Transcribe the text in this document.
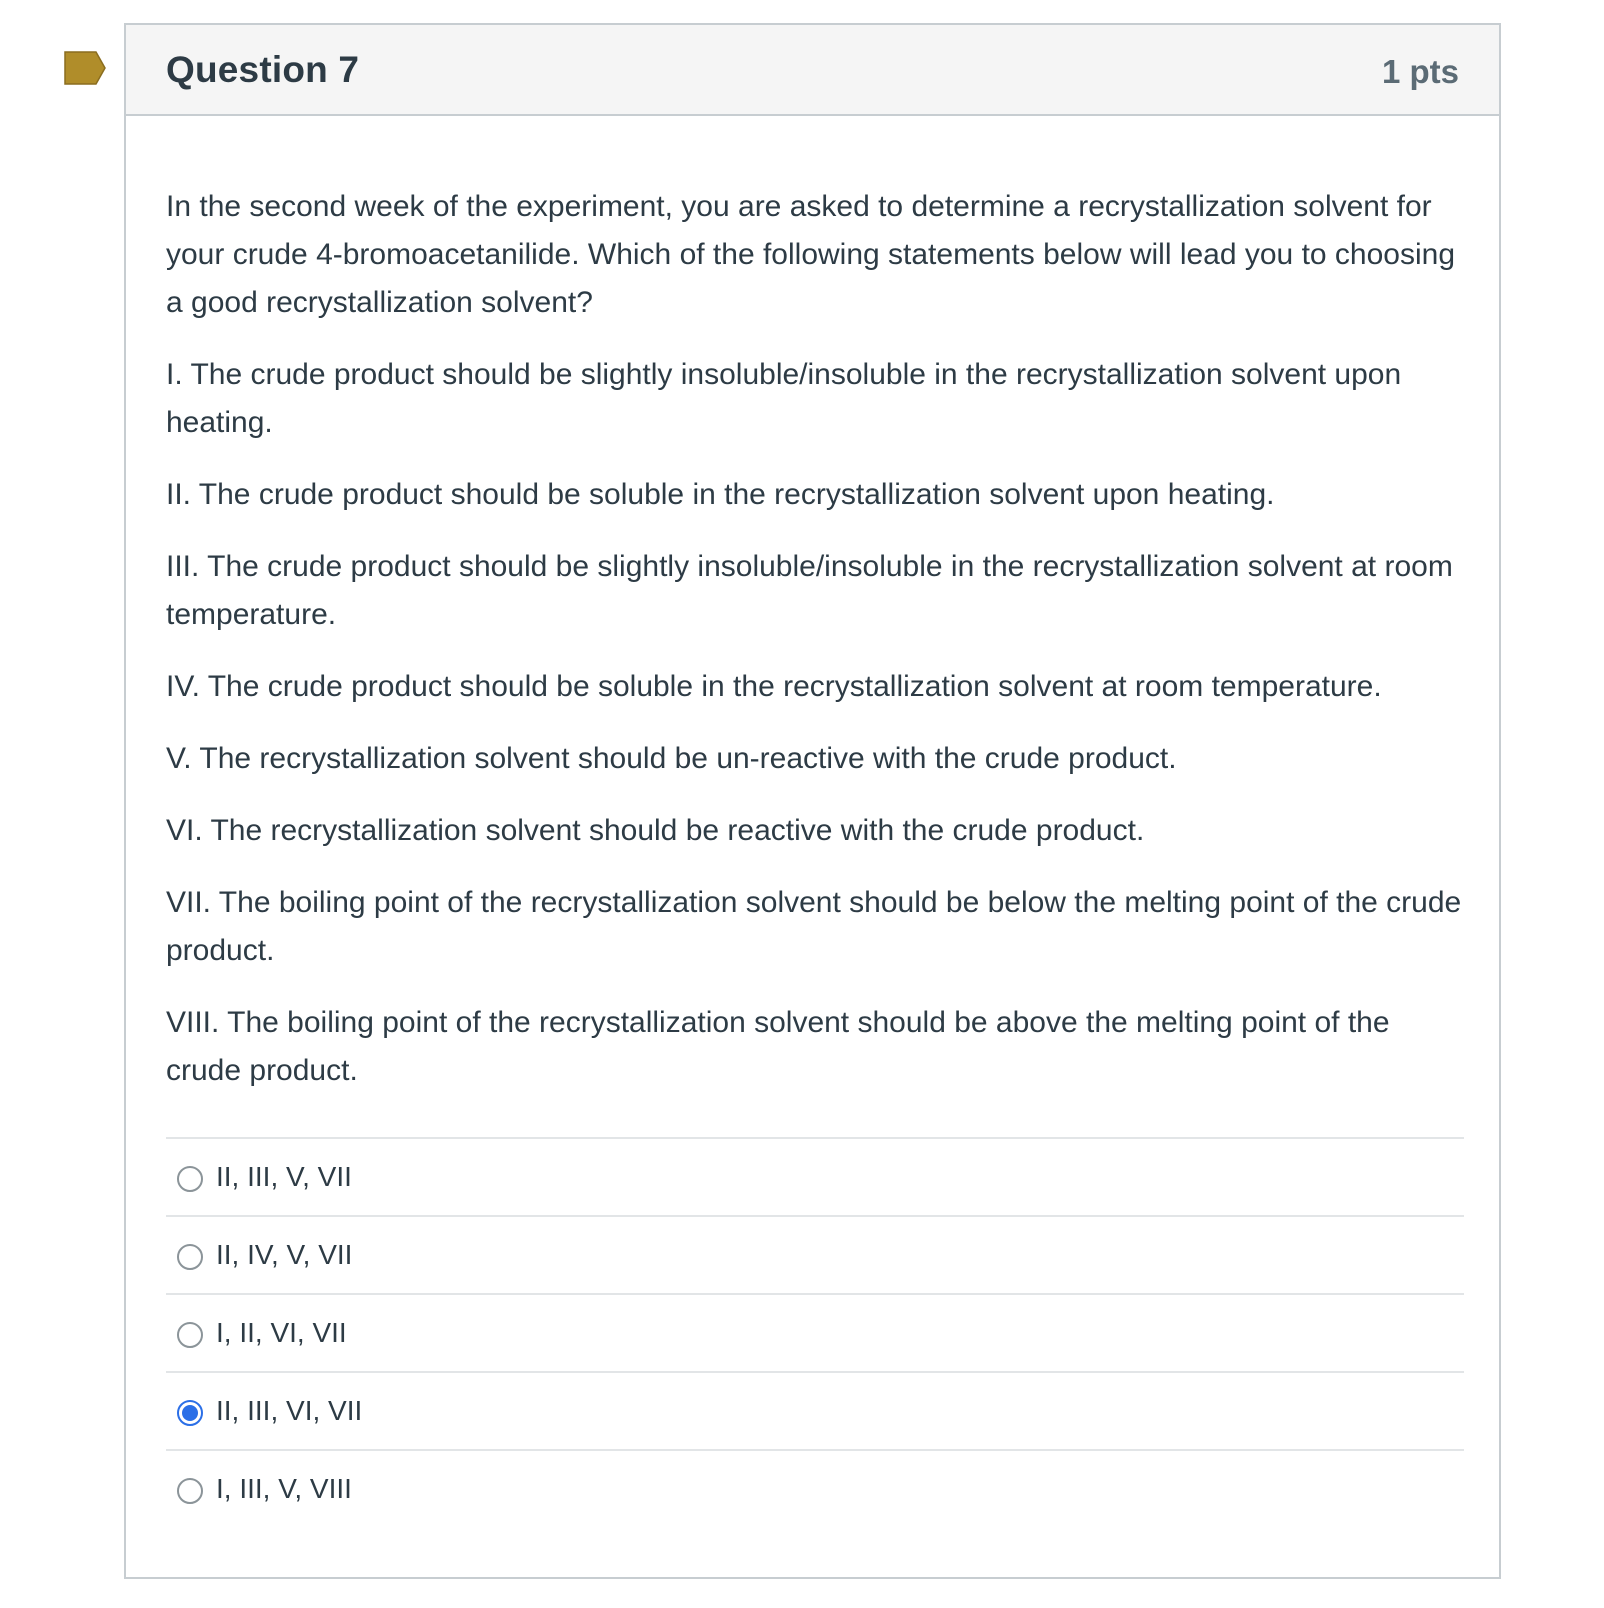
Question 7	1 pts

In the second week of the experiment, you are asked to determine a recrystallization solvent for your crude 4-bromoacetanilide. Which of the following statements below will lead you to choosing a good recrystallization solvent?

I. The crude product should be slightly insoluble/insoluble in the recrystallization solvent upon heating.

II. The crude product should be soluble in the recrystallization solvent upon heating.

III. The crude product should be slightly insoluble/insoluble in the recrystallization solvent at room temperature.

IV. The crude product should be soluble in the recrystallization solvent at room temperature.

V. The recrystallization solvent should be un-reactive with the crude product.

VI. The recrystallization solvent should be reactive with the crude product.

VII. The boiling point of the recrystallization solvent should be below the melting point of the crude product.

VIII. The boiling point of the recrystallization solvent should be above the melting point of the crude product.

II, III, V, VII
II, IV, V, VII
I, II, VI, VII
II, III, VI, VII
I, III, V, VIII
